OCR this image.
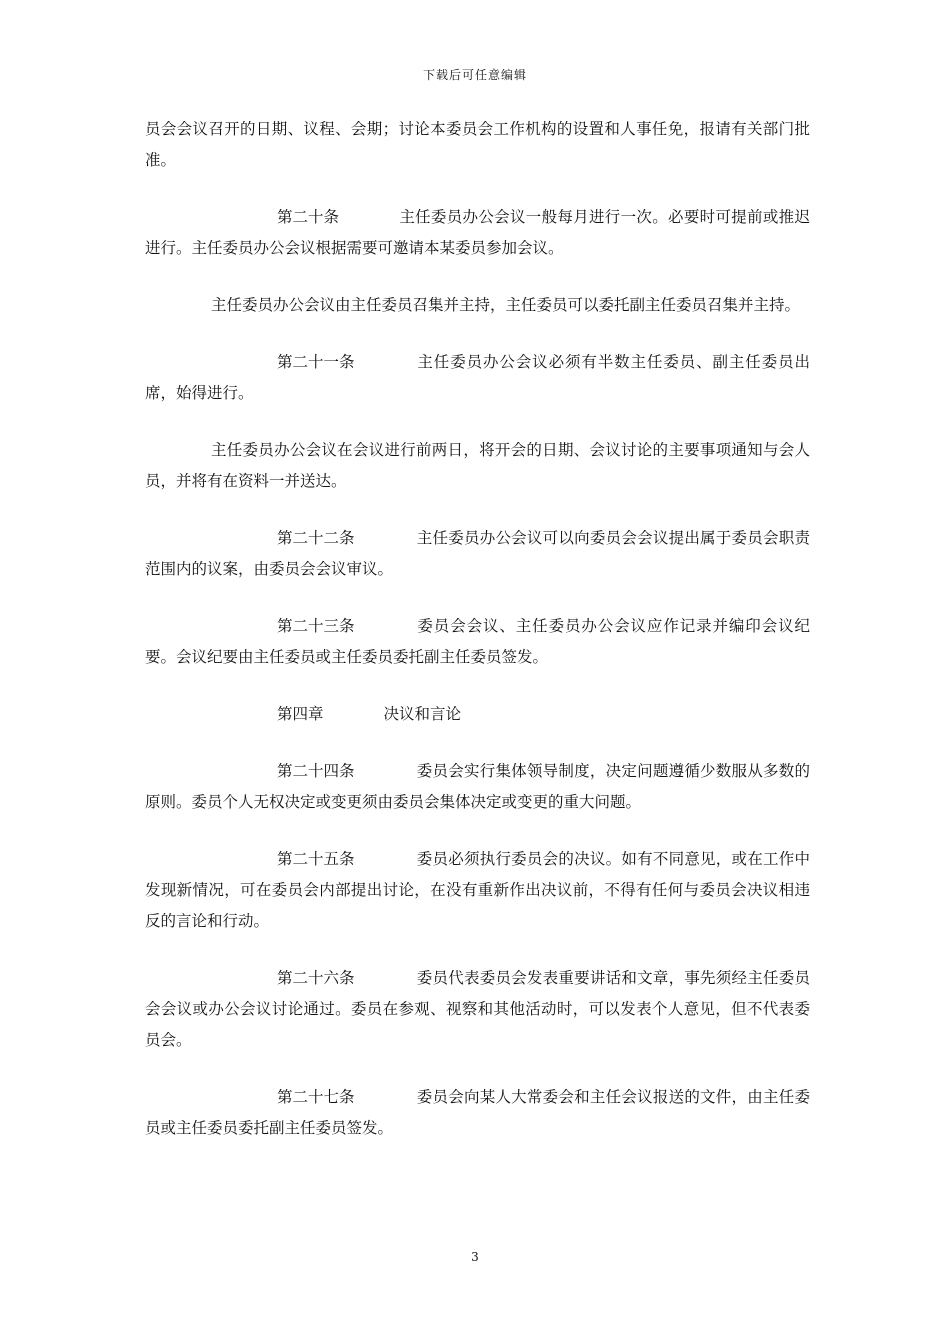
下载后可任意编辑

员会会议召开的日期、议程、会期；讨论本委员会工作机构的设置和人事任免，报请有关部门批准。

第二十条	主任委员办公会议一般每月进行一次。必要时可提前或推迟进行。主任委员办公会议根据需要可邀请本某委员参加会议。

主任委员办公会议由主任委员召集并主持，主任委员可以委托副主任委员召集并主持。

第二十一条	主任委员办公会议必须有半数主任委员、副主任委员出席，始得进行。

主任委员办公会议在会议进行前两日，将开会的日期、会议讨论的主要事项通知与会人员，并将有在资料一并送达。

第二十二条	主任委员办公会议可以向委员会会议提出属于委员会职责范围内的议案，由委员会会议审议。

第二十三条	委员会会议、主任委员办公会议应作记录并编印会议纪要。会议纪要由主任委员或主任委员委托副主任委员签发。

第四章	决议和言论

第二十四条	委员会实行集体领导制度，决定问题遵循少数服从多数的原则。委员个人无权决定或变更须由委员会集体决定或变更的重大问题。

第二十五条	委员必须执行委员会的决议。如有不同意见，或在工作中发现新情况，可在委员会内部提出讨论，在没有重新作出决议前，不得有任何与委员会决议相违反的言论和行动。

第二十六条	委员代表委员会发表重要讲话和文章，事先须经主任委员会会议或办公会议讨论通过。委员在参观、视察和其他活动时，可以发表个人意见，但不代表委员会。

第二十七条	委员会向某人大常委会和主任会议报送的文件，由主任委员或主任委员委托副主任委员签发。

3
